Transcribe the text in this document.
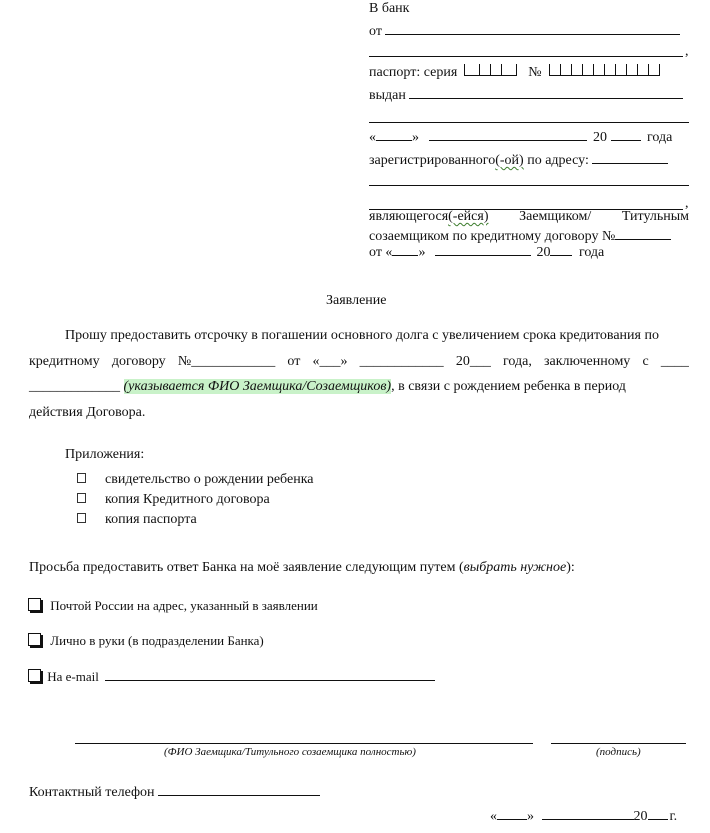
В банк
от
,
паспорт: серия	№
выдан
«	»	20	года
зарегистрированного(-ой) по адресу:
,
являющегося(-ейся) Заемщиком/ Титульным
созаемщиком по кредитному договору №
от « »	20 года
Заявление
Прошу предоставить отсрочку в погашении основного долга с увеличением срока кредитования по
кредитному договору №____________ от «___» ____________ 20___ года, заключенному с ____
_____________ (указывается ФИО Заемщика/Созаемщиков), в связи с рождением ребенка в период
действия Договора.
Приложения:
свидетельство о рождении ребенка
копия Кредитного договора
копия паспорта
Просьба предоставить ответ Банка на моё заявление следующим путем (выбрать нужное):
Почтой России на адрес, указанный в заявлении
Лично в руки (в подразделении Банка)
На e-mail
(ФИО Заемщика/Титульного созаемщика полностью)	(подпись)
Контактный телефон
« »	20 г.
